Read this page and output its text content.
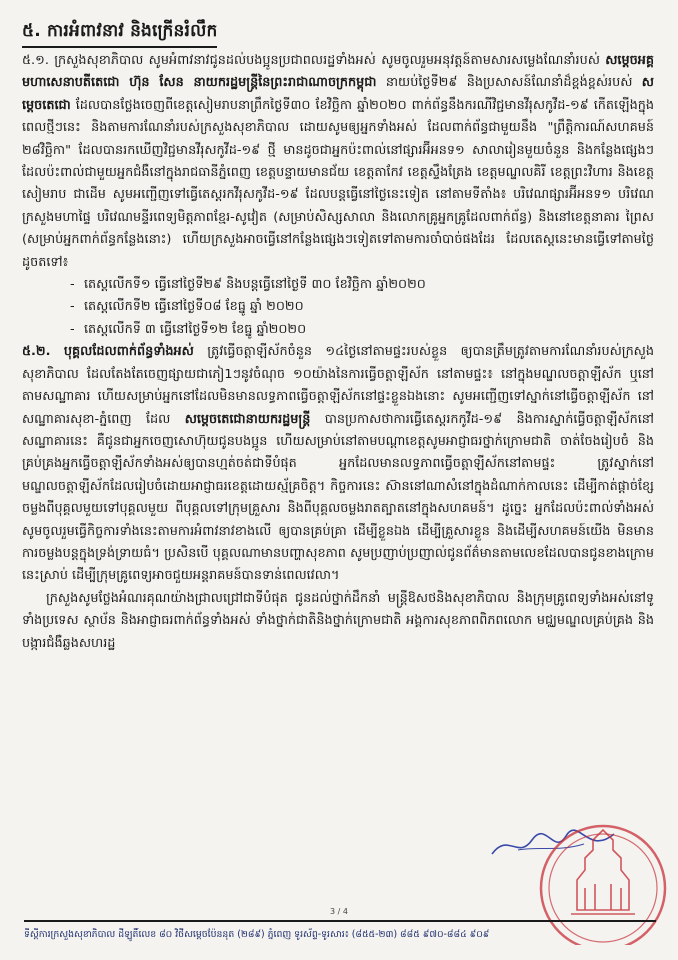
៥. ការអំពាវនាវ និងក្រើនរំលឹក

៥.១. ក្រសួងសុខាភិបាល សូមអំពាវនាវជូនដល់បងប្អូនប្រជាពលរដ្ឋទាំងអស់ សូមចូលរួមអនុវត្តន៍តាមសារសម្លេងណែនាំរបស់ សម្តេចអគ្គមហាសេនាបតីតេជោ ហ៊ុន សែន នាយករដ្ឋមន្ត្រីនៃព្រះរាជាណាចក្រកម្ពុជា នាយប់ថ្ងៃទី២៩ និងប្រសាសន៍ណែនាំដ៏ខ្ពង់ខ្ពស់របស់ សម្តេចតេជោ ដែលបានថ្លែងចេញពីខេត្តសៀមរាបនាព្រឹកថ្ងៃទី៣០ ខែវិច្ឆិកា ឆ្នាំ២០២០ ពាក់ព័ន្ធនឹងករណីវិជ្ជមានវីរុសកូវីដ-១៩ កើតឡើងក្នុងពេលថ្មីៗនេះ និងតាមការណែនាំរបស់ក្រសួងសុខាភិបាល ដោយសូមឲ្យអ្នកទាំងអស់ ដែលពាក់ព័ន្ធជាមួយនឹង "ព្រឹត្តិការណ៍សហគមន៍ ២៨វិច្ឆិកា" ដែលបានរកឃើញវិជ្ជមានវីរុសកូវីដ-១៩ ថ្មី មានដូចជាអ្នកប៉ះពាល់នៅផ្សារអ៊ីអនទ១ សាលារៀនមួយចំនួន និងកន្លែងផ្សេងៗដែលប៉ះពាល់ជាមួយអ្នកជំងឺនៅក្នុងរាជធានីភ្នំពេញ ខេត្តបន្ទាយមានជ័យ ខេត្តតាកែវ ខេត្តស្ទឹងត្រែង ខេត្តមណ្ឌលគិរី ខេត្តព្រះវិហារ និងខេត្តសៀមរាប ជាដើម សូមអញ្ជើញទៅធ្វើតេស្តរកវីរុសកូវីដ-១៩ ដែលបន្តធ្វើនៅថ្ងៃនេះទៀត នៅតាមទីតាំង៖ បរិវេណផ្សារអ៊ីអនទ១ បរិវេណក្រសួងមហាផ្ទៃ បរិវេណមន្ទីរពេទ្យមិត្តភាពខ្មែរ-សូវៀត (សម្រាប់សិស្សសាលា និងលោកគ្រូអ្នកគ្រូដែលពាក់ព័ន្ធ) និងនៅខេត្តនាគារ ព្រៃស (សម្រាប់អ្នកពាក់ព័ន្ធកន្លែងនោះ) ហើយក្រសួងអាចធ្វើនៅកន្លែងផ្សេងៗទៀតទៅតាមការចាំបាច់ផងដែរ ដែលតេស្តនេះមានធ្វើទៅតាមថ្ងៃដូចតទៅ៖

- តេស្តលើកទី១ ធ្វើនៅថ្ងៃទី២៩ និងបន្តធ្វើនៅថ្ងៃទី ៣០ ខែវិច្ឆិកា ឆ្នាំ២០២០
- តេស្តលើកទី២ ធ្វើនៅថ្ងៃទី០៨ ខែធ្នូ ឆ្នាំ ២០២០
- តេស្តលើកទី ៣ ធ្វើនៅថ្ងៃទី១២ ខែធ្នូ ឆ្នាំ២០២០

៥.២. បុគ្គលដែលពាក់ព័ន្ធទាំងអស់ ត្រូវធ្វើចត្តាឡីស័កចំនួន ១៤ថ្ងៃនៅតាមផ្ទះរបស់ខ្លួន ឲ្យបានត្រឹមត្រូវតាមការណែនាំរបស់ក្រសួងសុខាភិបាល ដែលតែងតែចេញផ្សាយជាភៀ1ៗនូវចំណុច ១០យ៉ាងនៃការធ្វើចត្តាឡីស័ក នៅតាមផ្ទះ៖ នៅក្នុងមណ្ឌលចត្តាឡីស័ក ឬនៅតាមសណ្ឋាគារ ហើយសម្រាប់អ្នកនៅដែលមិនមានលទ្ធភាពធ្វើចត្តាឡីស័កនៅផ្ទះខ្លួនឯងនោះ សូមអញ្ជើញទៅស្នាក់នៅធ្វើចត្តាឡីស័ក នៅសណ្ឋាគារសុខា-ភ្នំពេញ ដែល សម្តេចតេជោនាយករដ្ឋមន្ត្រី បានប្រកាសថាការធ្វើតេស្តរកកូវីដ-១៩ និងការស្នាក់ធ្វើចត្តាឡីស័កនៅសណ្ឋាគារនេះ គឺជូនជាអ្នកចេញសោហ៊ុយជូនបងប្អូន ហើយសម្រាប់នៅតាមបណ្តាខេត្តសូមអាជ្ញាធរថ្នាក់ក្រោមជាតិ ចាត់ចែងរៀបចំ និងគ្រប់គ្រងអ្នកធ្វើចត្តាឡីស័កទាំងអស់ឲ្យបានហ្មត់ចត់ជាទីបំផុត អ្នកដែលមានលទ្ធភាពធ្វើចត្តាឡីស័កនៅតាមផ្ទះ ត្រូវស្នាក់នៅមណ្ឌលចត្តាឡីស័កដែលរៀបចំដោយអាជ្ញាធរខេត្តដោយស្ម័គ្រចិត្ត។ កិច្ចការនេះ ស៊ាននៅណាសំនៅក្នុងដំណាក់កាលនេះ ដើម្បីកាត់ផ្តាច់ខ្សែចម្លងពីបុគ្គលមួយទៅបុគ្គលមួយ ពីបុគ្គលទៅក្រុមគ្រួសារ និងពីបុគ្គលចម្លងរាតត្បាតនៅក្នុងសហគមន៍។ ដូច្នេះ អ្នកដែលប៉ះពាល់ទាំងអស់ សូមចូលរួមធ្វើកិច្ចការទាំងនេះតាមការអំពាវនាវខាងលើ ឲ្យបានគ្រប់គ្រា ដើម្បីខ្លួនឯង ដើម្បីគ្រួសារខ្លួន និងដើម្បីសហគមន៍យើង មិនមានការចម្លងបន្តក្នុងទ្រង់ទ្រាយធំ។ ប្រសិនបើ បុគ្គលណាមានបញ្ហាសុខភាព សូមប្រញាប់ប្រញាល់ជូនព័ត៌មានតាមលេខដែលបានជូនខាងក្រោមនេះស្រាប់ ដើម្បីក្រុមគ្រូពេទ្យអាចជួយអន្តរាគមន៍បានទាន់ពេលវេលា។

ក្រសួងសូមថ្លែងអំណរគុណយ៉ាងជ្រាលជ្រៅជាទីបំផុត ជូនដល់ថ្នាក់ដឹកនាំ មន្ត្រីឱសថនិងសុខាភិបាល និងក្រុមគ្រូពេទ្យទាំងអស់នៅទូទាំងប្រទេស ស្ថាប័ន និងអាជ្ញាធរពាក់ព័ន្ធទាំងអស់ ទាំងថ្នាក់ជាតិនិងថ្នាក់ក្រោមជាតិ អង្គការសុខភាពពិភពលោក មជ្ឈមណ្ឌលគ្រប់គ្រង និងបង្ការជំងឺឆ្លងសហរដ្ឋ

3 / 4
ទីស្តីការក្រសួងសុខាភិបាល ដីឡូតិ៍លេខ ៨០ វិថីសម្តេចប៉ែននុត (២៨៩) ភ្នំពេញ ទូរស័ព្ទ-ទូរសារ៖ (៨៥៥-២៣) ៨៨៥ ៩៧០-៨៨៤ ៩០៩
